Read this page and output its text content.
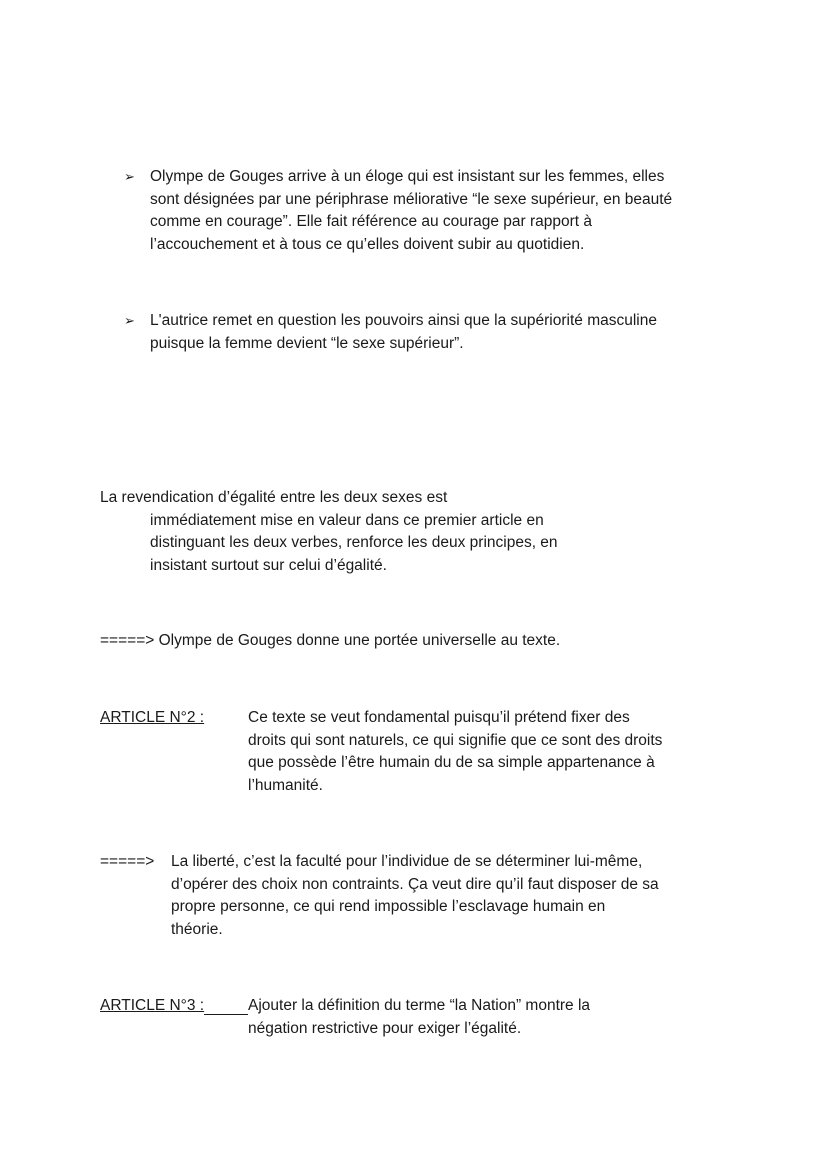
➢ Olympe de Gouges arrive à un éloge qui est insistant sur les femmes, elles
sont désignées par une périphrase méliorative “le sexe supérieur, en beauté
comme en courage”. Elle fait référence au courage par rapport à
l’accouchement et à tous ce qu’elles doivent subir au quotidien.
➢ L'autrice remet en question les pouvoirs ainsi que la supériorité masculine
puisque la femme devient “le sexe supérieur”.
La revendication d’égalité entre les deux sexes est
immédiatement mise en valeur dans ce premier article en
distinguant les deux verbes, renforce les deux principes, en
insistant surtout sur celui d’égalité.
=====> Olympe de Gouges donne une portée universelle au texte.
ARTICLE N°2 :	Ce texte se veut fondamental puisqu’il prétend fixer des
droits qui sont naturels, ce qui signifie que ce sont des droits
que possède l’être humain du de sa simple appartenance à
l’humanité.
=====> La liberté, c’est la faculté pour l’individue de se déterminer lui-même,
d’opérer des choix non contraints. Ça veut dire qu’il faut disposer de sa
propre personne, ce qui rend impossible l’esclavage humain en
théorie.
ARTICLE N°3 :	Ajouter la définition du terme “la Nation” montre la
négation restrictive pour exiger l’égalité.
